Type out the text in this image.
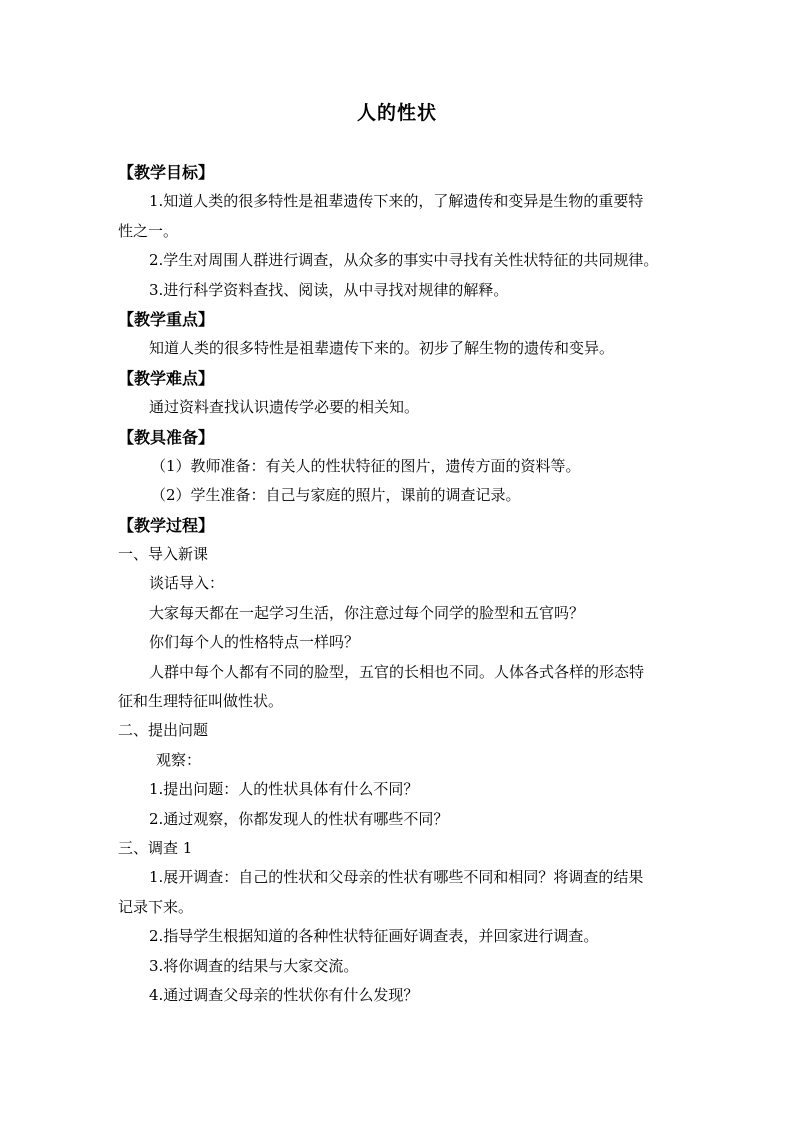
人的性状
【教学目标】
1.知道人类的很多特性是祖辈遗传下来的，了解遗传和变异是生物的重要特
性之一。
2.学生对周围人群进行调查，从众多的事实中寻找有关性状特征的共同规律。
3.进行科学资料查找、阅读，从中寻找对规律的解释。
【教学重点】
知道人类的很多特性是祖辈遗传下来的。初步了解生物的遗传和变异。
【教学难点】
通过资料查找认识遗传学必要的相关知。
【教具准备】
（1）教师准备：有关人的性状特征的图片，遗传方面的资料等。
（2）学生准备：自己与家庭的照片，课前的调查记录。
【教学过程】
一、导入新课
谈话导入：
大家每天都在一起学习生活，你注意过每个同学的脸型和五官吗？
你们每个人的性格特点一样吗？
人群中每个人都有不同的脸型，五官的长相也不同。人体各式各样的形态特
征和生理特征叫做性状。
二、提出问题
观察：
1.提出问题：人的性状具体有什么不同？
2.通过观察，你都发现人的性状有哪些不同？
三、调查 1
1.展开调查：自己的性状和父母亲的性状有哪些不同和相同？将调查的结果
记录下来。
2.指导学生根据知道的各种性状特征画好调查表，并回家进行调查。
3.将你调查的结果与大家交流。
4.通过调查父母亲的性状你有什么发现？
